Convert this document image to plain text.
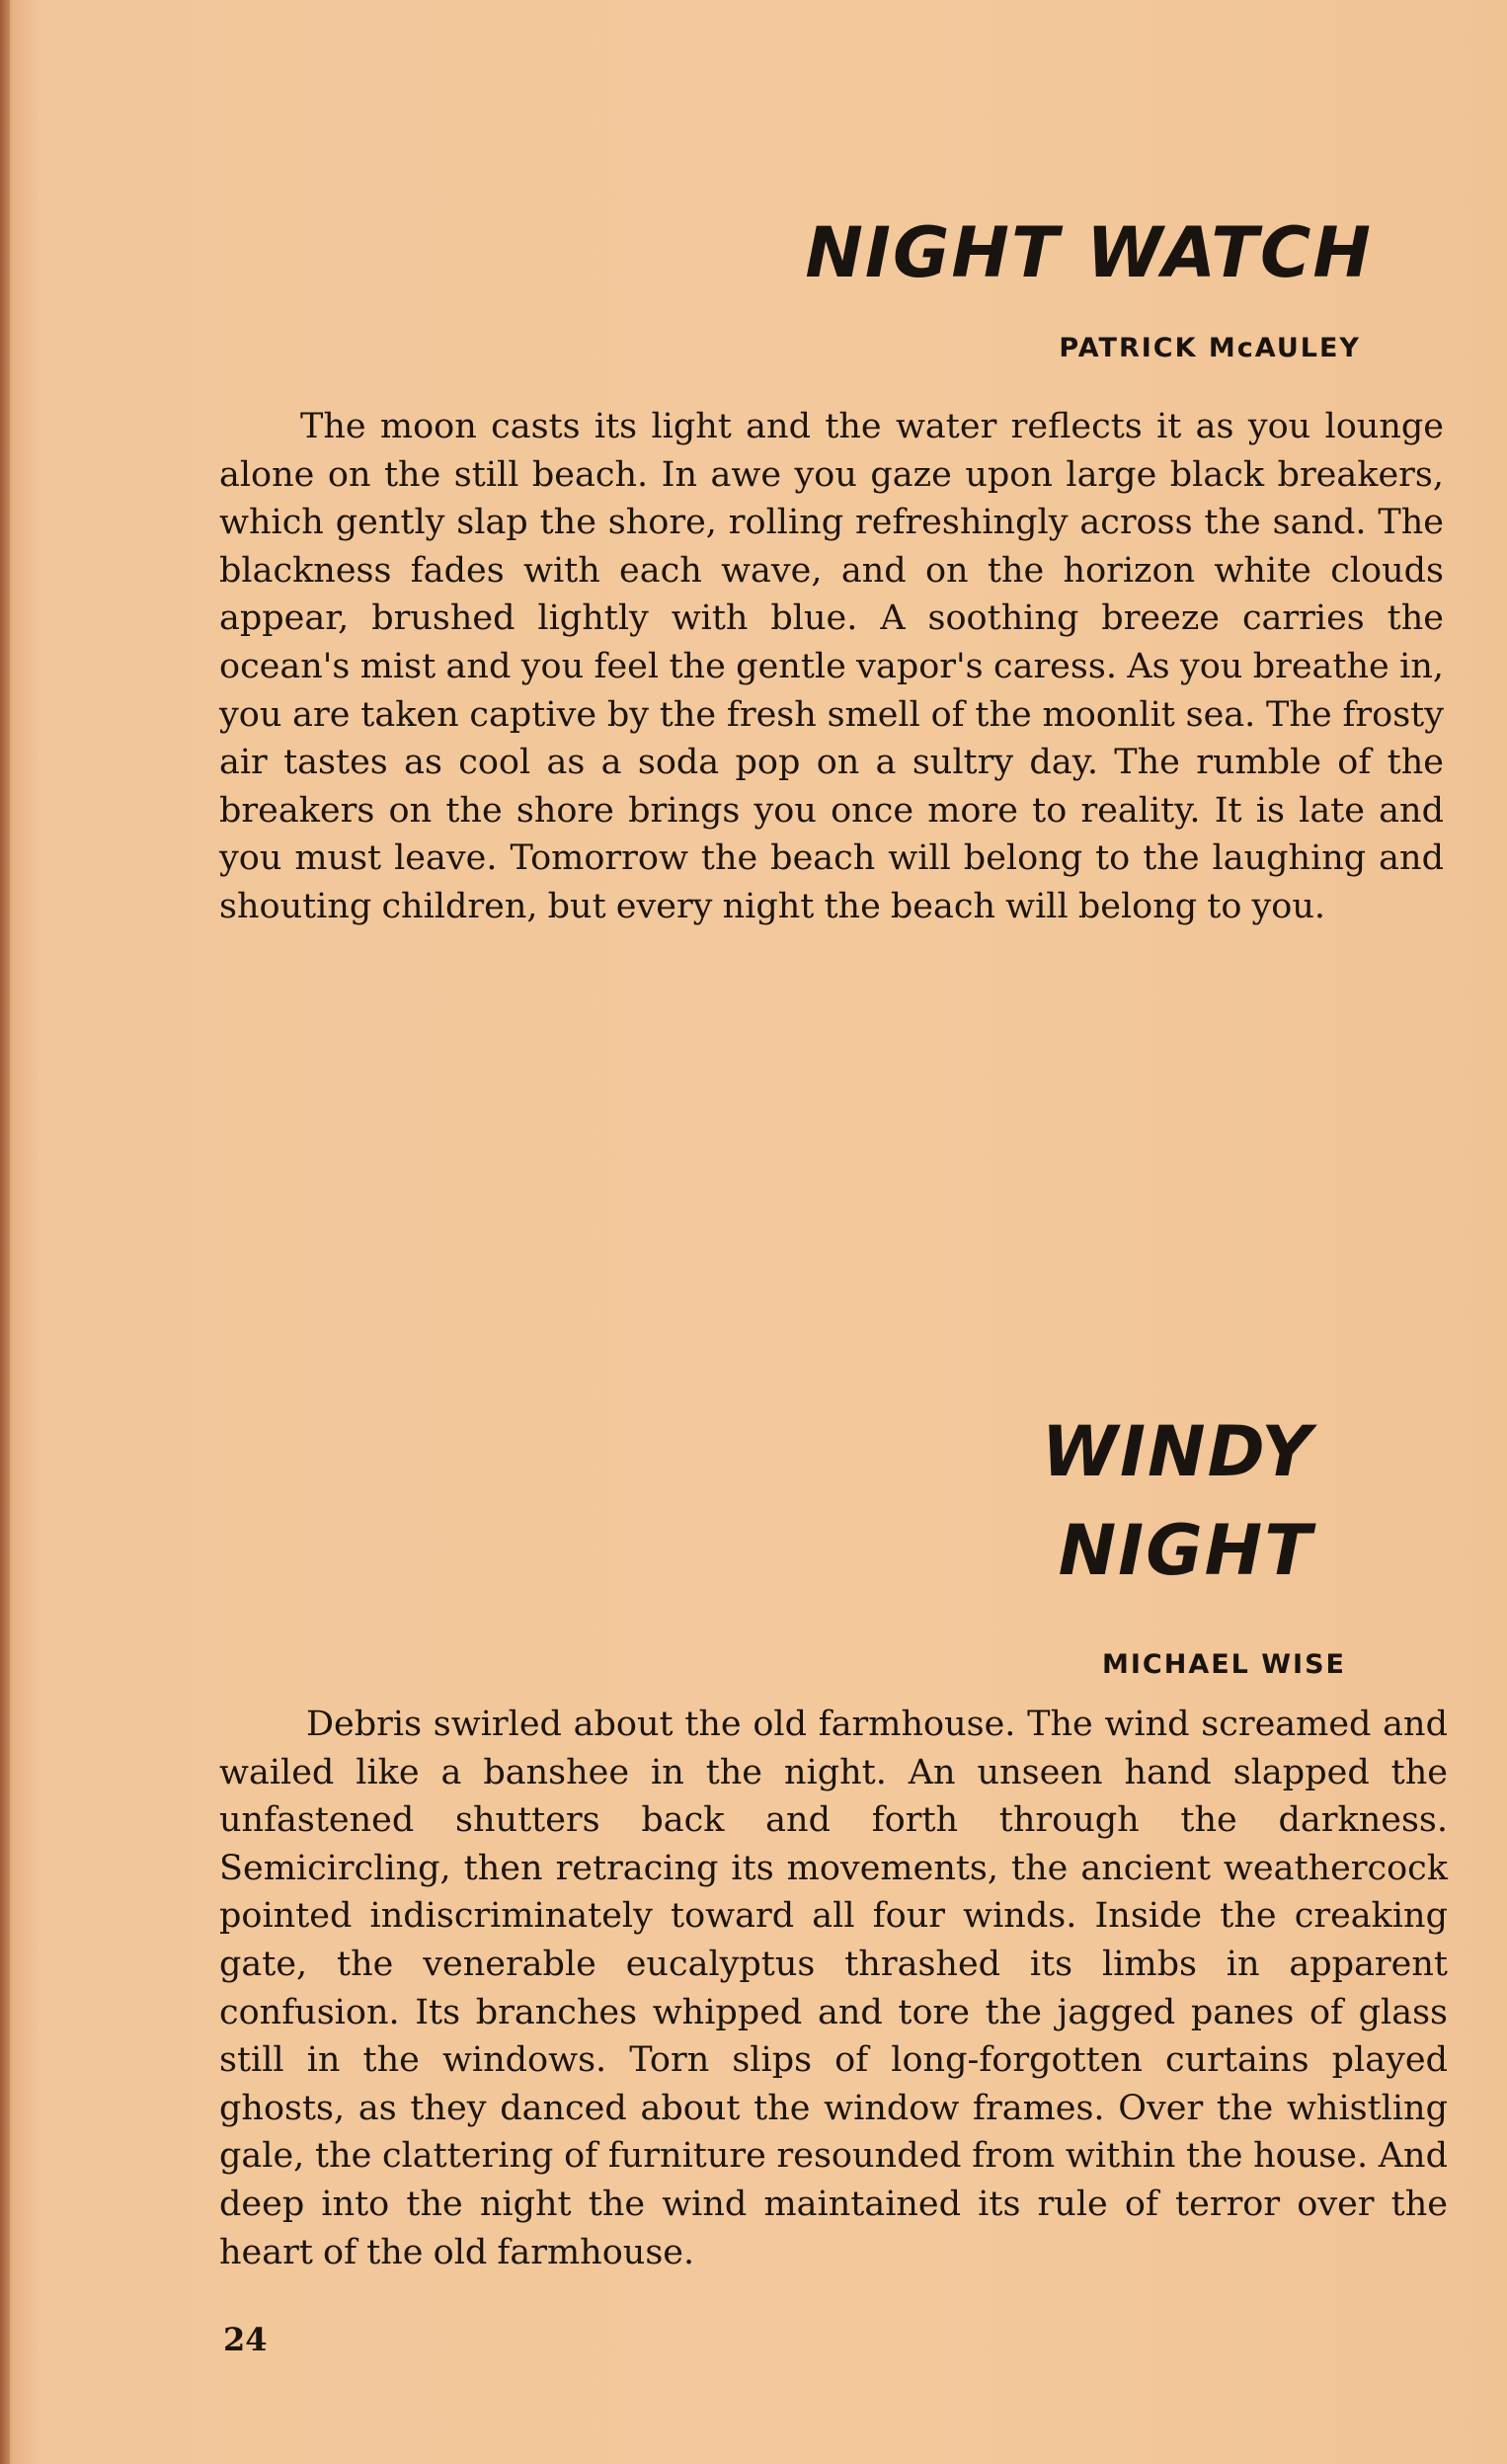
NIGHT WATCH
PATRICK McAULEY

The moon casts its light and the water reflects it as you lounge alone on the still beach. In awe you gaze upon large black breakers, which gently slap the shore, rolling refreshingly across the sand. The blackness fades with each wave, and on the horizon white clouds appear, brushed lightly with blue. A soothing breeze carries the ocean's mist and you feel the gentle vapor's caress. As you breathe in, you are taken captive by the fresh smell of the moonlit sea. The frosty air tastes as cool as a soda pop on a sultry day. The rumble of the breakers on the shore brings you once more to reality. It is late and you must leave. Tomorrow the beach will belong to the laughing and shouting children, but every night the beach will belong to you.

WINDY
NIGHT
MICHAEL WISE

Debris swirled about the old farmhouse. The wind screamed and wailed like a banshee in the night. An unseen hand slapped the unfastened shutters back and forth through the darkness. Semicircling, then retracing its movements, the ancient weathercock pointed indiscriminately toward all four winds. Inside the creaking gate, the venerable eucalyptus thrashed its limbs in apparent confusion. Its branches whipped and tore the jagged panes of glass still in the windows. Torn slips of long-forgotten curtains played ghosts, as they danced about the window frames. Over the whistling gale, the clattering of furniture resounded from within the house. And deep into the night the wind maintained its rule of terror over the heart of the old farmhouse.

24
